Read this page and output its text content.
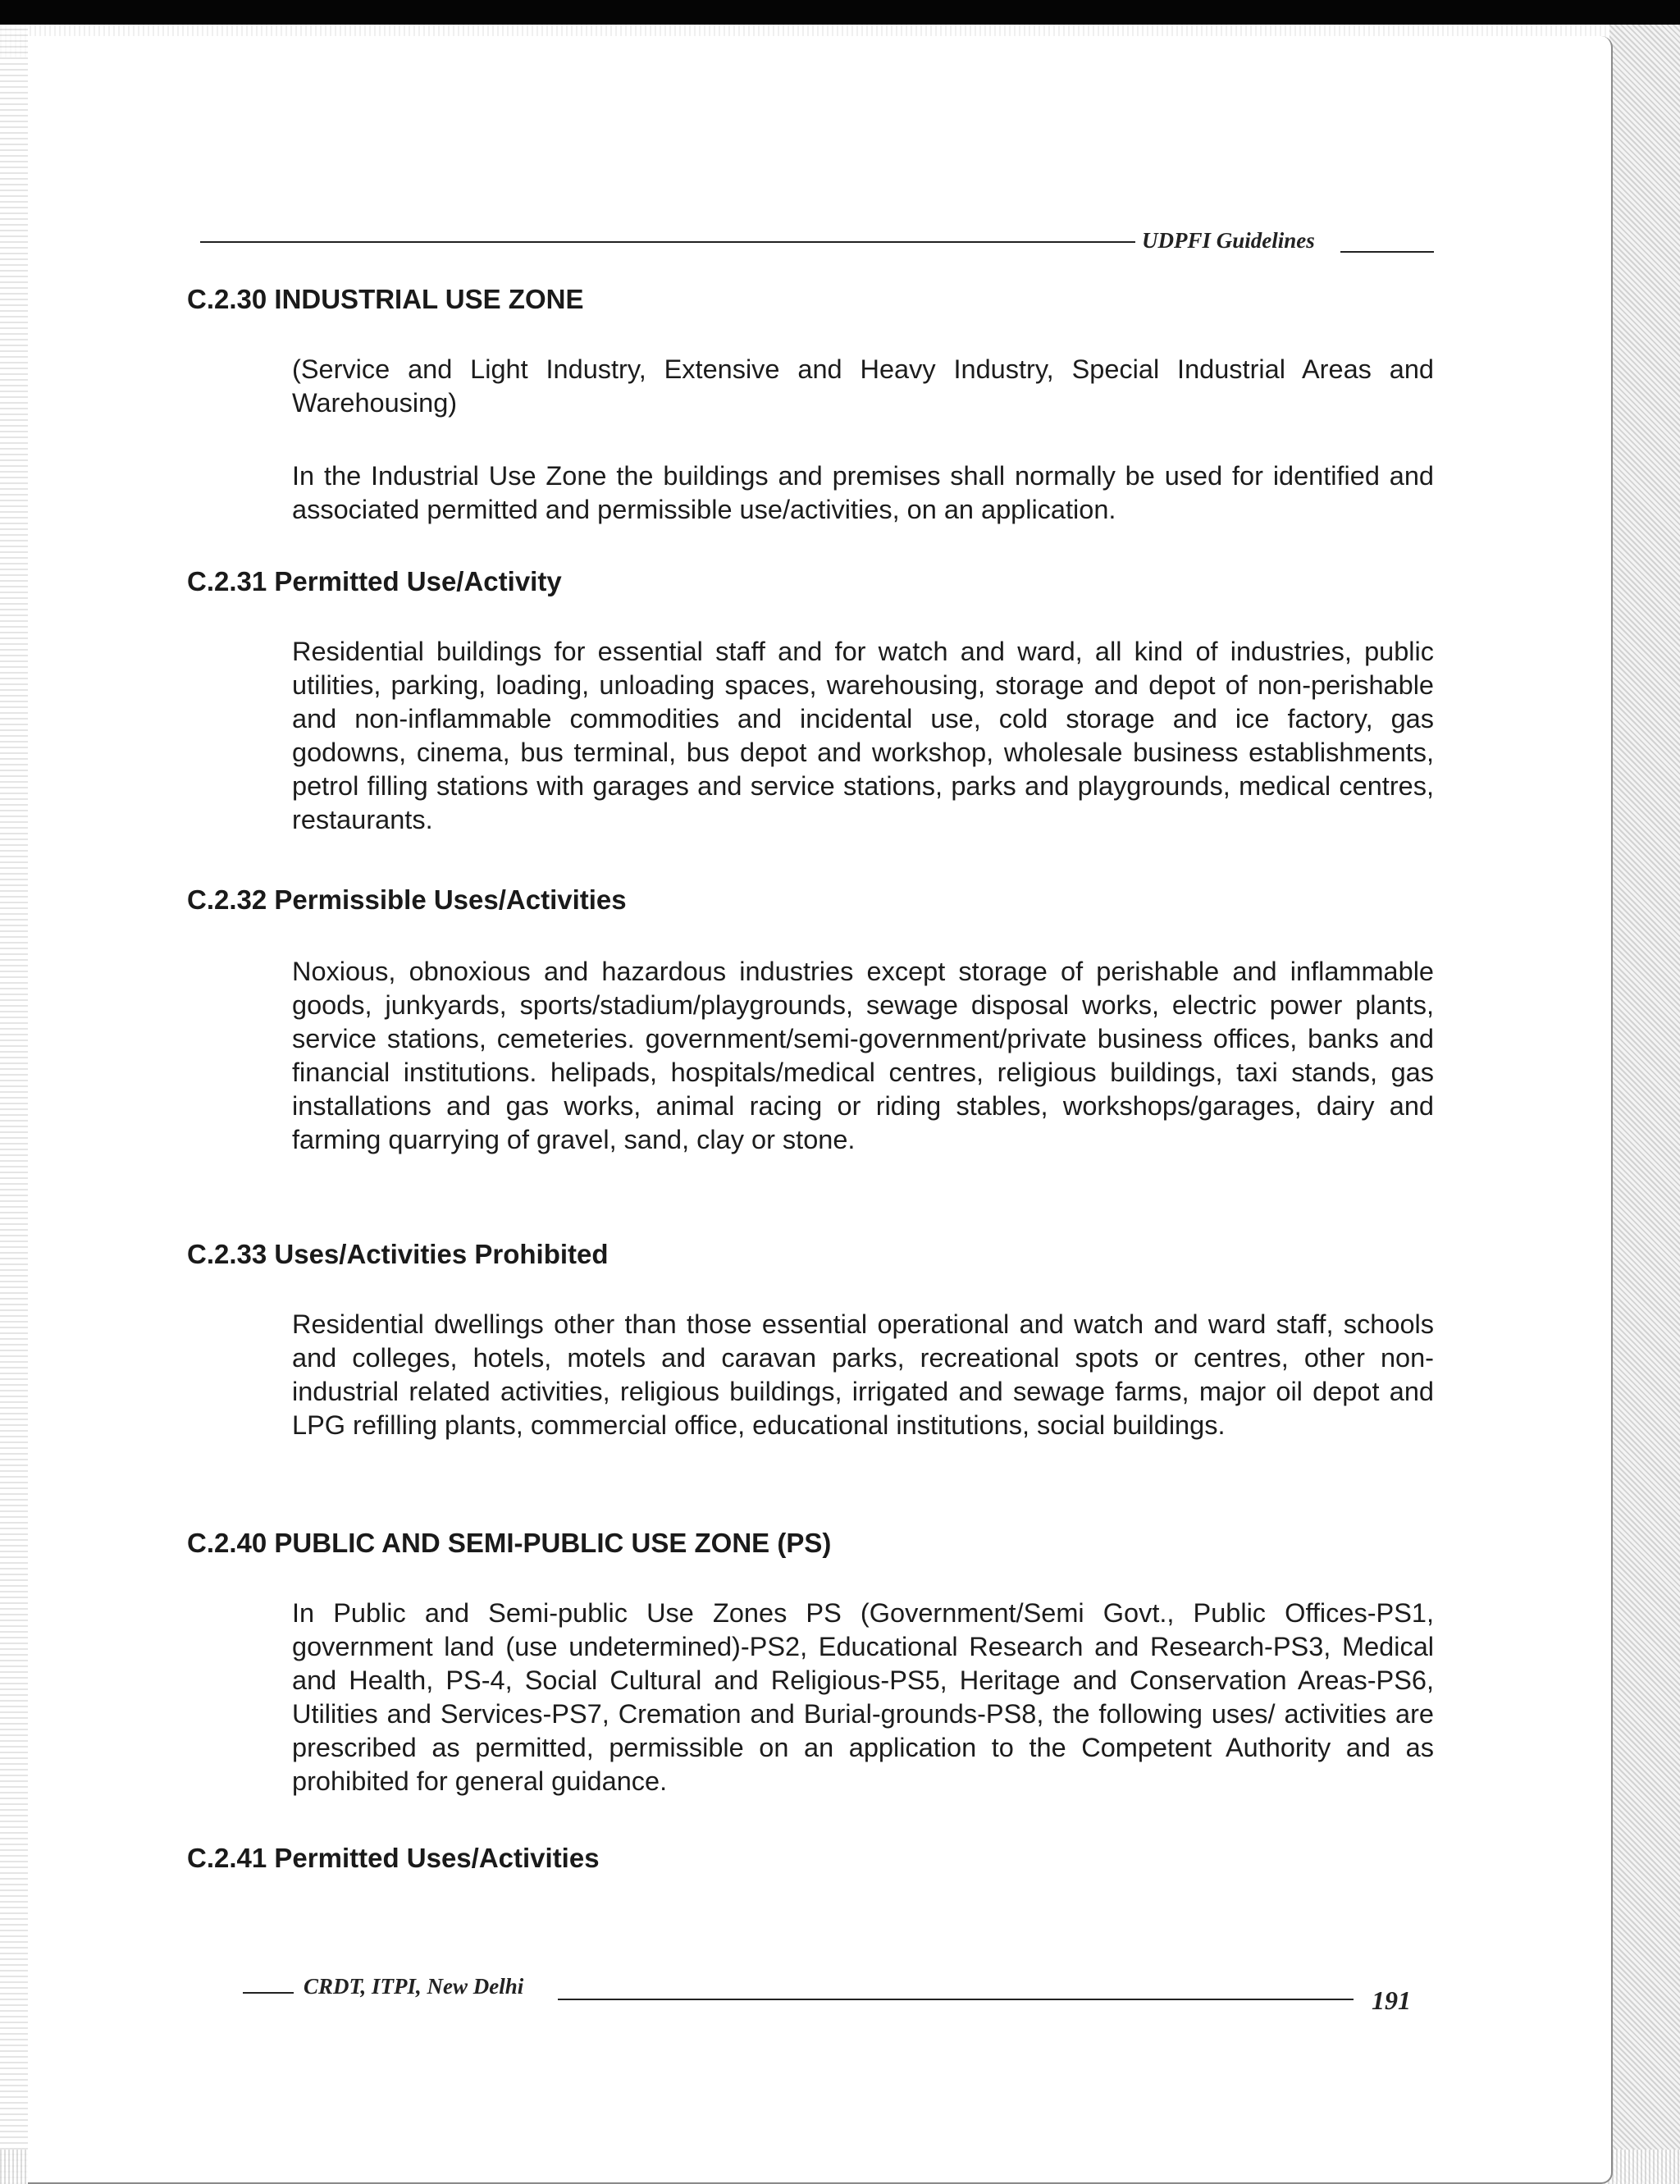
UDPFI Guidelines
C.2.30 INDUSTRIAL USE ZONE
(Service and Light Industry, Extensive and Heavy Industry, Special Industrial Areas and Warehousing)
In the Industrial Use Zone the buildings and premises shall normally be used for identified and associated permitted and permissible use/activities, on an application.
C.2.31 Permitted Use/Activity
Residential buildings for essential staff and for watch and ward, all kind of industries, public utilities, parking, loading, unloading spaces, warehousing, storage and depot of non-perishable and non-inflammable commodities and incidental use, cold storage and ice factory, gas godowns, cinema, bus terminal, bus depot and workshop, wholesale business establishments, petrol filling stations with garages and service stations, parks and playgrounds, medical centres, restaurants.
C.2.32 Permissible Uses/Activities
Noxious, obnoxious and hazardous industries except storage of perishable and inflammable goods, junkyards, sports/stadium/playgrounds, sewage disposal works, electric power plants, service stations, cemeteries. government/semi-government/private business offices, banks and financial institutions. helipads, hospitals/medical centres, religious buildings, taxi stands, gas installations and gas works, animal racing or riding stables, workshops/garages, dairy and farming quarrying of gravel, sand, clay or stone.
C.2.33 Uses/Activities Prohibited
Residential dwellings other than those essential operational and watch and ward staff, schools and colleges, hotels, motels and caravan parks, recreational spots or centres, other non-industrial related activities, religious buildings, irrigated and sewage farms, major oil depot and LPG refilling plants, commercial office, educational institutions, social buildings.
C.2.40 PUBLIC AND SEMI-PUBLIC USE ZONE (PS)
In Public and Semi-public Use Zones PS (Government/Semi Govt., Public Offices-PS1, government land (use undetermined)-PS2, Educational Research and Research-PS3, Medical and Health, PS-4, Social Cultural and Religious-PS5, Heritage and Conservation Areas-PS6, Utilities and Services-PS7, Cremation and Burial-grounds-PS8, the following uses/ activities are prescribed as permitted, permissible on an application to the Competent Authority and as prohibited for general guidance.
C.2.41 Permitted Uses/Activities
CRDT, ITPI, New Delhi	191
